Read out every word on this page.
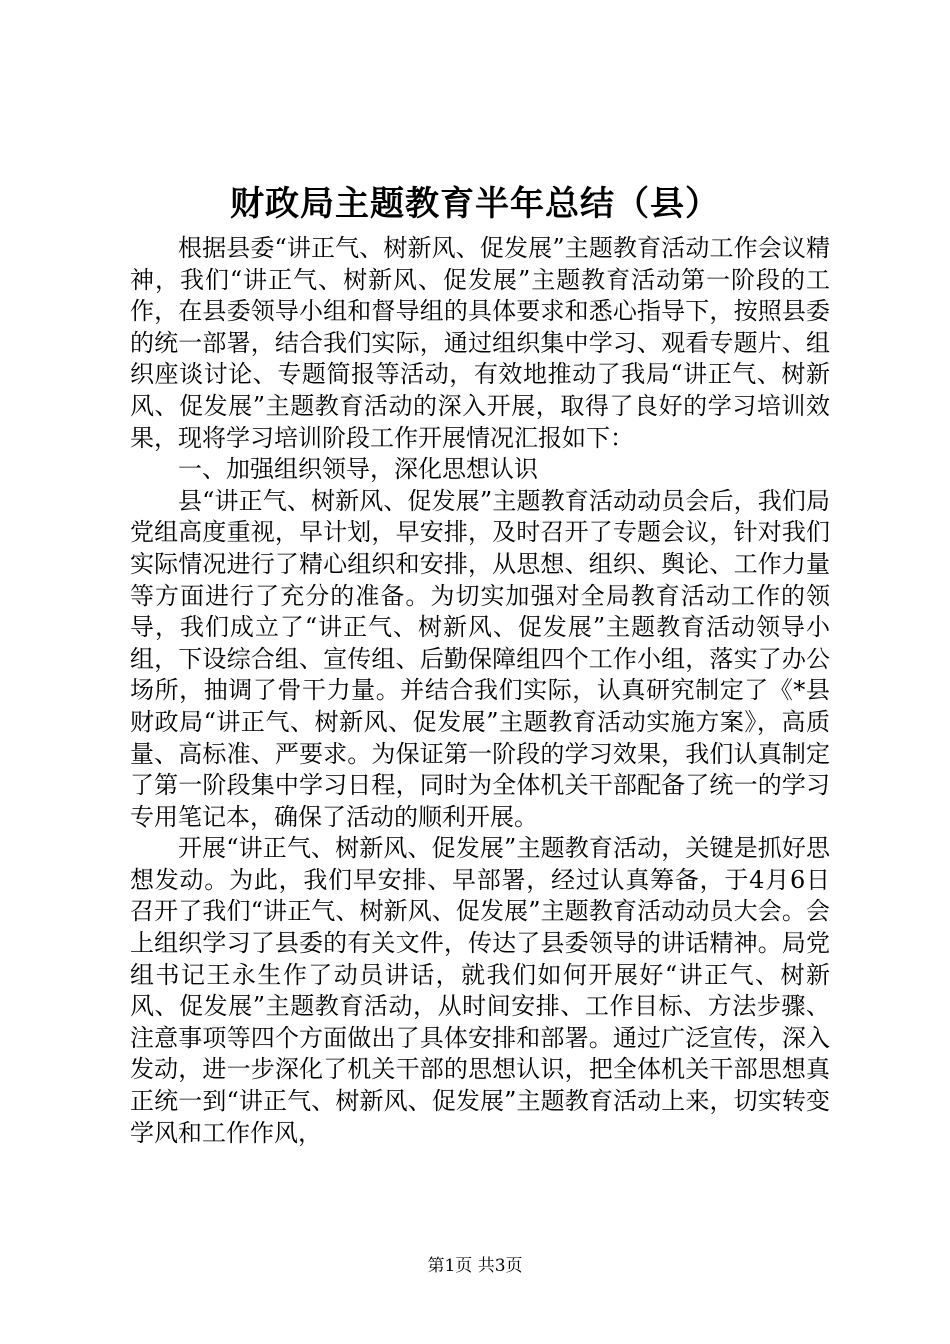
财政局主题教育半年总结（县）

根据县委“讲正气、树新风、促发展”主题教育活动工作会议精神，我们“讲正气、树新风、促发展”主题教育活动第一阶段的工作，在县委领导小组和督导组的具体要求和悉心指导下，按照县委的统一部署，结合我们实际，通过组织集中学习、观看专题片、组织座谈讨论、专题简报等活动，有效地推动了我局“讲正气、树新风、促发展”主题教育活动的深入开展，取得了良好的学习培训效果，现将学习培训阶段工作开展情况汇报如下：

一、加强组织领导，深化思想认识

县“讲正气、树新风、促发展”主题教育活动动员会后，我们局党组高度重视，早计划，早安排，及时召开了专题会议，针对我们实际情况进行了精心组织和安排，从思想、组织、舆论、工作力量等方面进行了充分的准备。为切实加强对全局教育活动工作的领导，我们成立了“讲正气、树新风、促发展”主题教育活动领导小组，下设综合组、宣传组、后勤保障组四个工作小组，落实了办公场所，抽调了骨干力量。并结合我们实际，认真研究制定了《*县财政局“讲正气、树新风、促发展”主题教育活动实施方案》，高质量、高标准、严要求。为保证第一阶段的学习效果，我们认真制定了第一阶段集中学习日程，同时为全体机关干部配备了统一的学习专用笔记本，确保了活动的顺利开展。

开展“讲正气、树新风、促发展”主题教育活动，关键是抓好思想发动。为此，我们早安排、早部署，经过认真筹备，于4月6日召开了我们“讲正气、树新风、促发展”主题教育活动动员大会。会上组织学习了县委的有关文件，传达了县委领导的讲话精神。局党组书记王永生作了动员讲话，就我们如何开展好“讲正气、树新风、促发展”主题教育活动，从时间安排、工作目标、方法步骤、注意事项等四个方面做出了具体安排和部署。通过广泛宣传，深入发动，进一步深化了机关干部的思想认识，把全体机关干部思想真正统一到“讲正气、树新风、促发展”主题教育活动上来，切实转变学风和工作作风，

第1页 共3页
